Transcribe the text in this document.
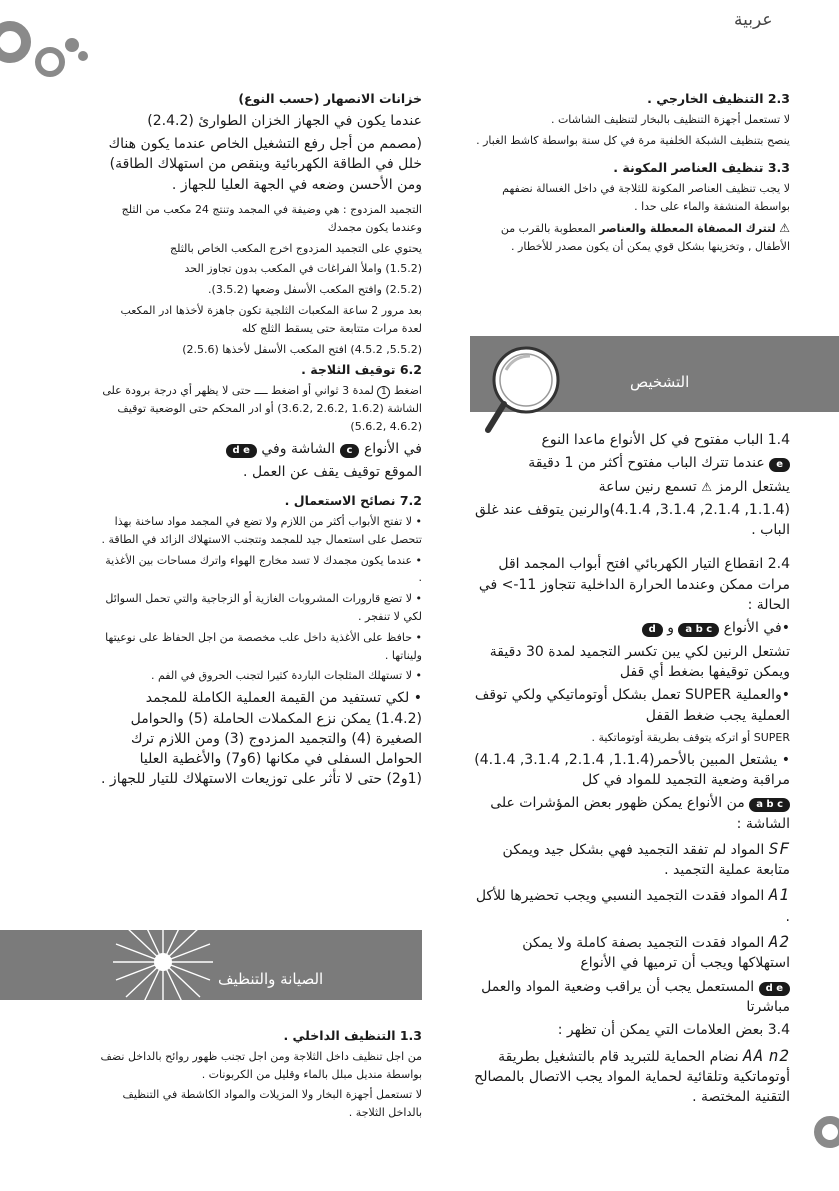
عربية
خزانات الانصهار (حسب النوع)
عندما يكون في الجهاز الخزان الطوارئ (2.4.2)
(مصمم من أجل رفع التشغيل الخاص عندما يكون هناك خلل في الطاقة الكهربائية وينقص من استهلاك الطاقة) ومن الأحسن وضعه في الجهة العليا للجهاز .
التجميد المزدوج : هي وضيفة في المجمد وتنتج 24 مكعب من الثلج وعندما يكون مجمدك
يحتوي على التجميد المزدوج اخرج المكعب الخاص بالثلج
(1.5.2) واملأ الفراغات في المكعب بدون تجاوز الحد
(2.5.2) وافتح المكعب الأسفل وضعها (3.5.2).
بعد مرور 2 ساعة المكعبات الثلجية تكون جاهزة لأخذها ادر المكعب لعدة مرات متتابعة حتى يسقط الثلج كله
(5.5.2, 4.5.2) افتح المكعب الأسفل لأخذها (2.5.6)
6.2 توقيف الثلاجة .
اضغط 1 لمدة 3 ثواني أو اضغط ــــ حتى لا يظهر أي درجة برودة على الشاشة (1.6.2 ,2.6.2 ,3.6.2) أو ادر المحكم حتى الوضعية توقيف (4.6.2 ,5.6.2)
في الأنواع c الشاشة وفي d e
الموقع توقيف يقف عن العمل .
7.2 نصائح الاستعمال .
• لا تفتح الأبواب أكثر من اللازم ولا تضع في المجمد مواد ساخنة بهذا تتحصل على استعمال جيد للمجمد وتتجنب الاستهلاك الزائد في الطاقة .
• عندما يكون مجمدك لا تسد مخارج الهواء واترك مساحات بين الأغذية .
• لا تضع قارورات المشروبات الغازية أو الزجاجية والتي تحمل السوائل لكي لا تنفجر .
• حافظ على الأغذية داخل علب مخصصة من اجل الحفاظ على نوعيتها وليناتها .
• لا تستهلك المثلجات الباردة كثيرا لتجنب الحروق في الفم .
• لكي تستفيد من القيمة العملية الكاملة للمجمد (1.4.2) يمكن نزع المكملات الحاملة (5) والحوامل الصغيرة (4) والتجميد المزدوج (3) ومن اللازم ترك الحوامل السفلى في مكانها (6و7) والأغطية العليا (1و2) حتى لا تأثر على توزيعات الاستهلاك للتيار للجهاز .
الصيانة والتنظيف
1.3 التنظيف الداخلي .
من اجل تنظيف داخل الثلاجة ومن اجل تجنب ظهور روائح بالداخل نضف بواسطة منديل مبلل بالماء وقليل من الكربونات .
لا تستعمل أجهزة البخار ولا المزيلات والمواد الكاشطة في التنظيف بالداخل الثلاجة .
2.3 التنظيف الخارجي .
لا تستعمل أجهزة التنظيف بالبخار لتنظيف الشاشات .
ينصح بتنظيف الشبكة الخلفية مرة في كل سنة بواسطة كاشط الغبار .
3.3 تنظيف العناصر المكونة .
لا يجب تنظيف العناصر المكونة للثلاجة في داخل الغسالة نضفهم بواسطة المنشفة والماء على حدا .
⚠ لتترك المصفاة المعطلة والعناصر المعطوبة بالقرب من الأطفال , وتخزينها بشكل قوي يمكن أن يكون مصدر للأخطار .
التشخيص
1.4 الباب مفتوح في كل الأنواع ماعدا النوع
e عندما تترك الباب مفتوح أكثر من 1 دقيقة
يشتعل الرمز ⚠ تسمع رنين ساعة
(1.1.4, 2.1.4, 3.1.4, 4.1.4)والرنين يتوقف عند غلق الباب .
2.4 انقطاع التيار الكهربائي افتح أبواب المجمد اقل مرات ممكن وعندما الحرارة الداخلية تتجاوز 11-> في الحالة :
•في الأنواع a b c و d
تشتعل الرنين لكي يبن تكسر التجميد لمدة 30 دقيقة ويمكن توقيفها بضغط أي قفل
•والعملية SUPER تعمل بشكل أوتوماتيكي ولكي توقف العملية يجب ضغط القفل
SUPER أو اتركه يتوقف بطريقة أوتوماتكية .
• يشتعل المبين بالأحمر(1.1.4, 2.1.4, 3.1.4, 4.1.4) مراقبة وضعية التجميد للمواد في كل
a b c من الأنواع يمكن ظهور بعض المؤشرات على الشاشة :
SF المواد لم تفقد التجميد فهي بشكل جيد ويمكن متابعة عملية التجميد .
A1 المواد فقدت التجميد النسبي ويجب تحضيرها للأكل .
A2 المواد فقدت التجميد بصفة كاملة ولا يمكن استهلاكها ويجب أن ترميها في الأنواع
d e المستعمل يجب أن يراقب وضعية المواد والعمل مباشرتا
3.4 بعض العلامات التي يمكن أن تظهر :
n2 AA نضام الحماية للتبريد قام بالتشغيل بطريقة أوتوماتكية وتلقائية لحماية المواد يجب الاتصال بالمصالح التقنية المختصة .
